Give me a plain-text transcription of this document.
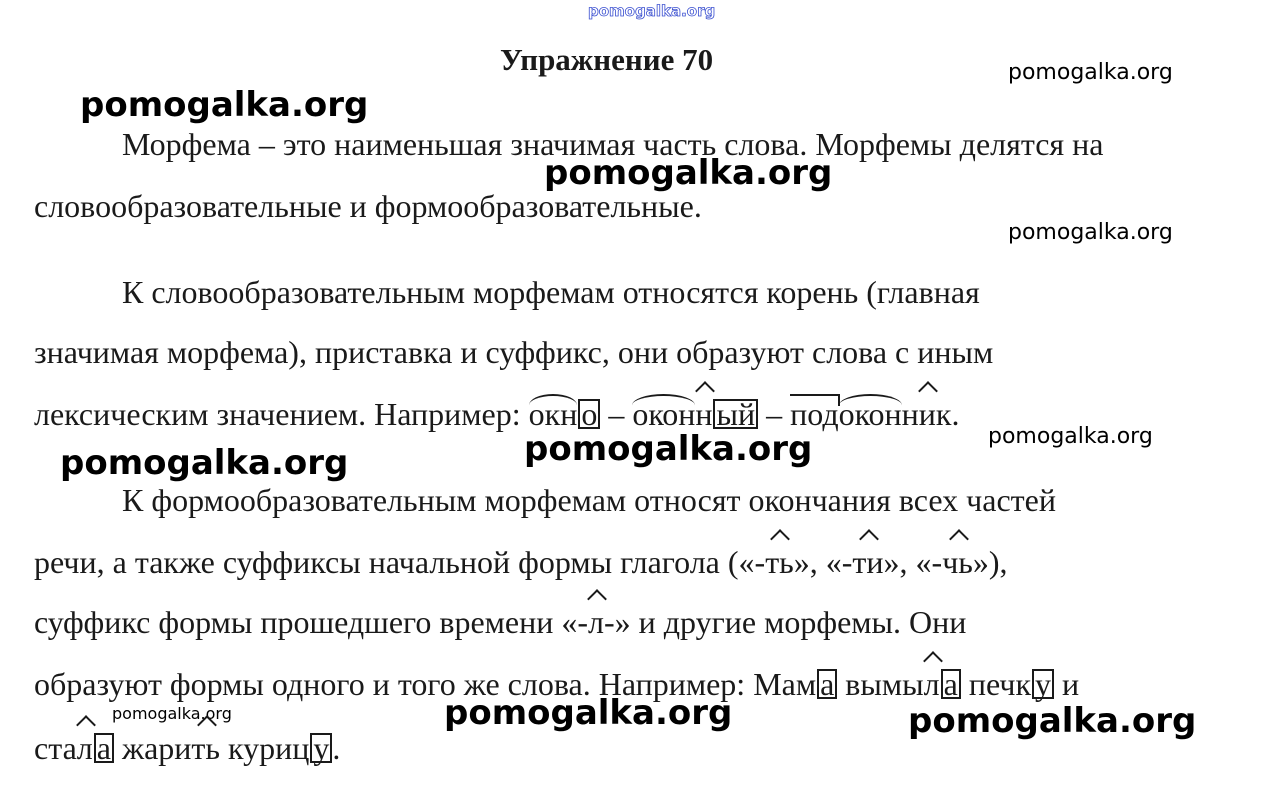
pomogalka.org
Упражнение 70	pomogalka.org
pomogalka.org
Морфема – это наименьшая значимая часть слова. Морфемы делятся на
pomogalka.org
словообразовательные и формообразовательные.
pomogalka.org
К словообразовательным морфемам относятся корень (главная
значимая морфема), приставка и суффикс, они образуют слова с иным
лексическим значением. Например: окн о – оконн ый – подоконник.
pomogalka.org
pomogalka.org
pomogalka.org
К формообразовательным морфемам относят окончания всех частей
речи, а также суффиксы начальной формы глагола («-ть», «-ти», «-чь»),
суффикс формы прошедшего времени «-л-» и другие морфемы. Они
образуют формы одного и того же слова. Например: Мам а вымыл а печк у и
pomogalka.org	pomogalka.org	pomogalka.org
стал а жарить куриц у.
